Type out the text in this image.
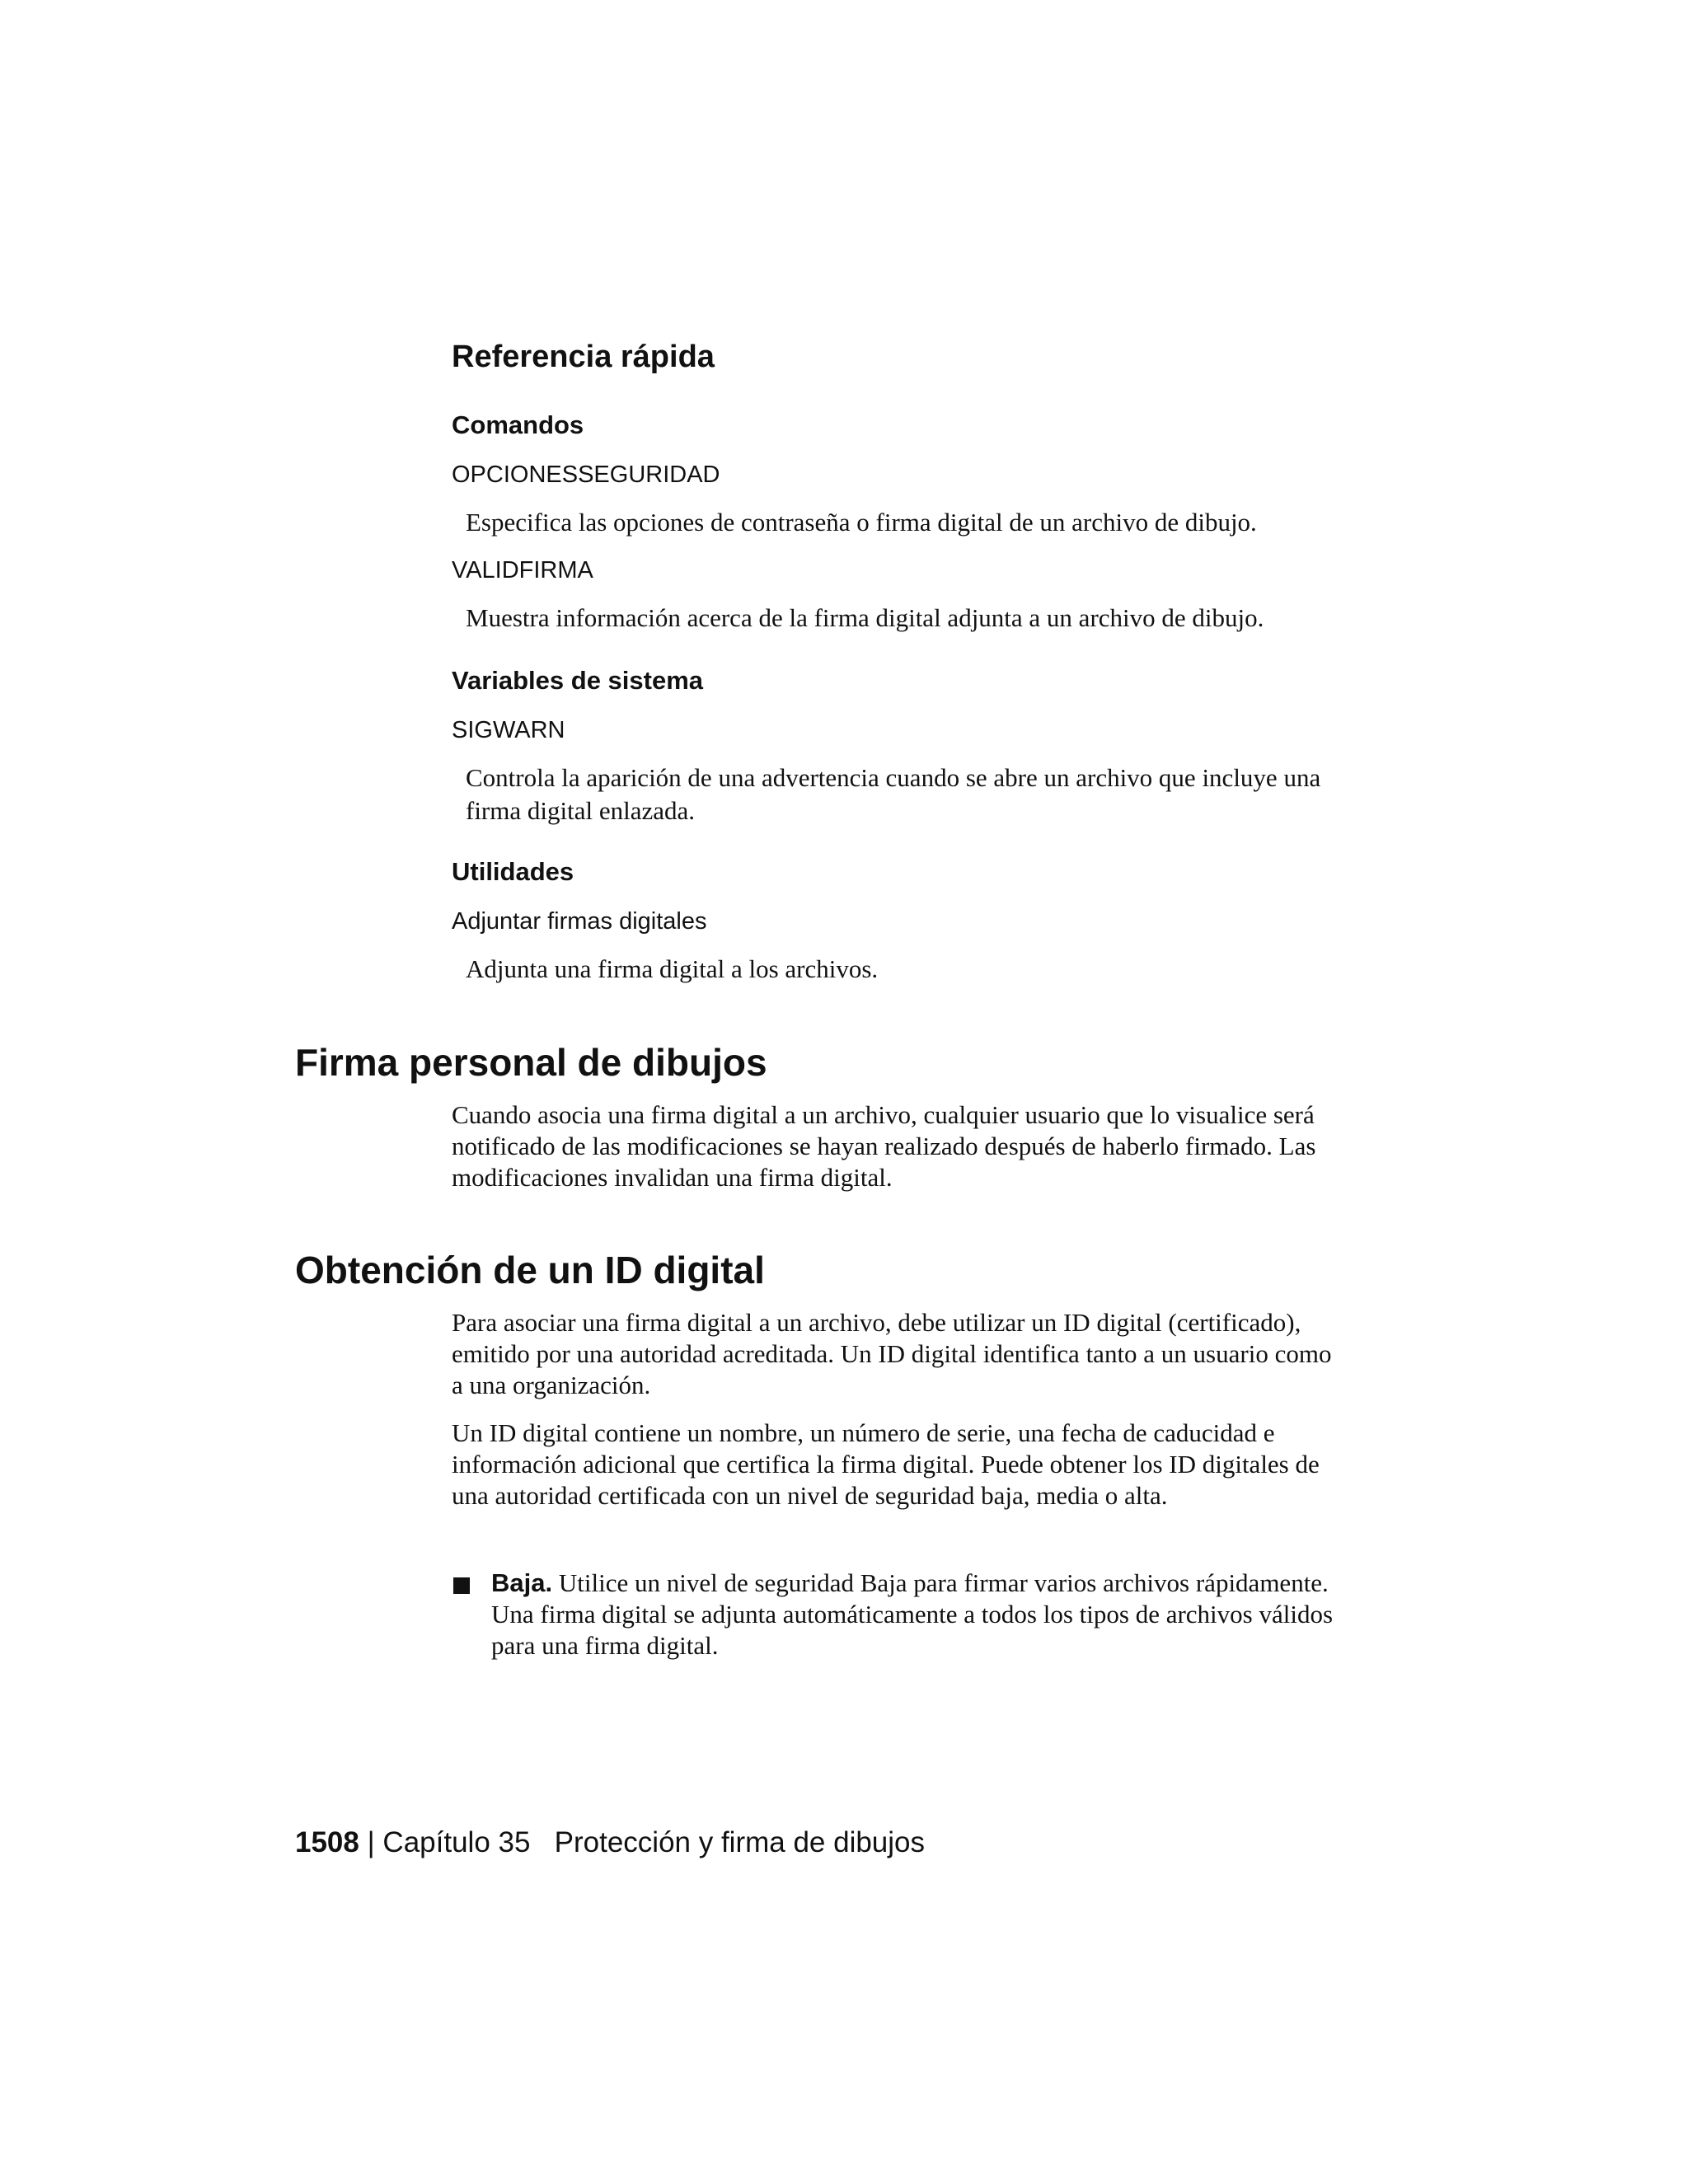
Referencia rápida
Comandos
OPCIONESSEGURIDAD
Especifica las opciones de contraseña o firma digital de un archivo de dibujo.
VALIDFIRMA
Muestra información acerca de la firma digital adjunta a un archivo de dibujo.
Variables de sistema
SIGWARN
Controla la aparición de una advertencia cuando se abre un archivo que incluye una firma digital enlazada.
Utilidades
Adjuntar firmas digitales
Adjunta una firma digital a los archivos.
Firma personal de dibujos

Cuando asocia una firma digital a un archivo, cualquier usuario que lo visualice será notificado de las modificaciones se hayan realizado después de haberlo firmado. Las modificaciones invalidan una firma digital.

Obtención de un ID digital

Para asociar una firma digital a un archivo, debe utilizar un ID digital (certificado), emitido por una autoridad acreditada. Un ID digital identifica tanto a un usuario como a una organización.

Un ID digital contiene un nombre, un número de serie, una fecha de caducidad e información adicional que certifica la firma digital. Puede obtener los ID digitales de una autoridad certificada con un nivel de seguridad baja, media o alta.

Baja. Utilice un nivel de seguridad Baja para firmar varios archivos rápidamente. Una firma digital se adjunta automáticamente a todos los tipos de archivos válidos para una firma digital.

1508 | Capítulo 35 Protección y firma de dibujos
